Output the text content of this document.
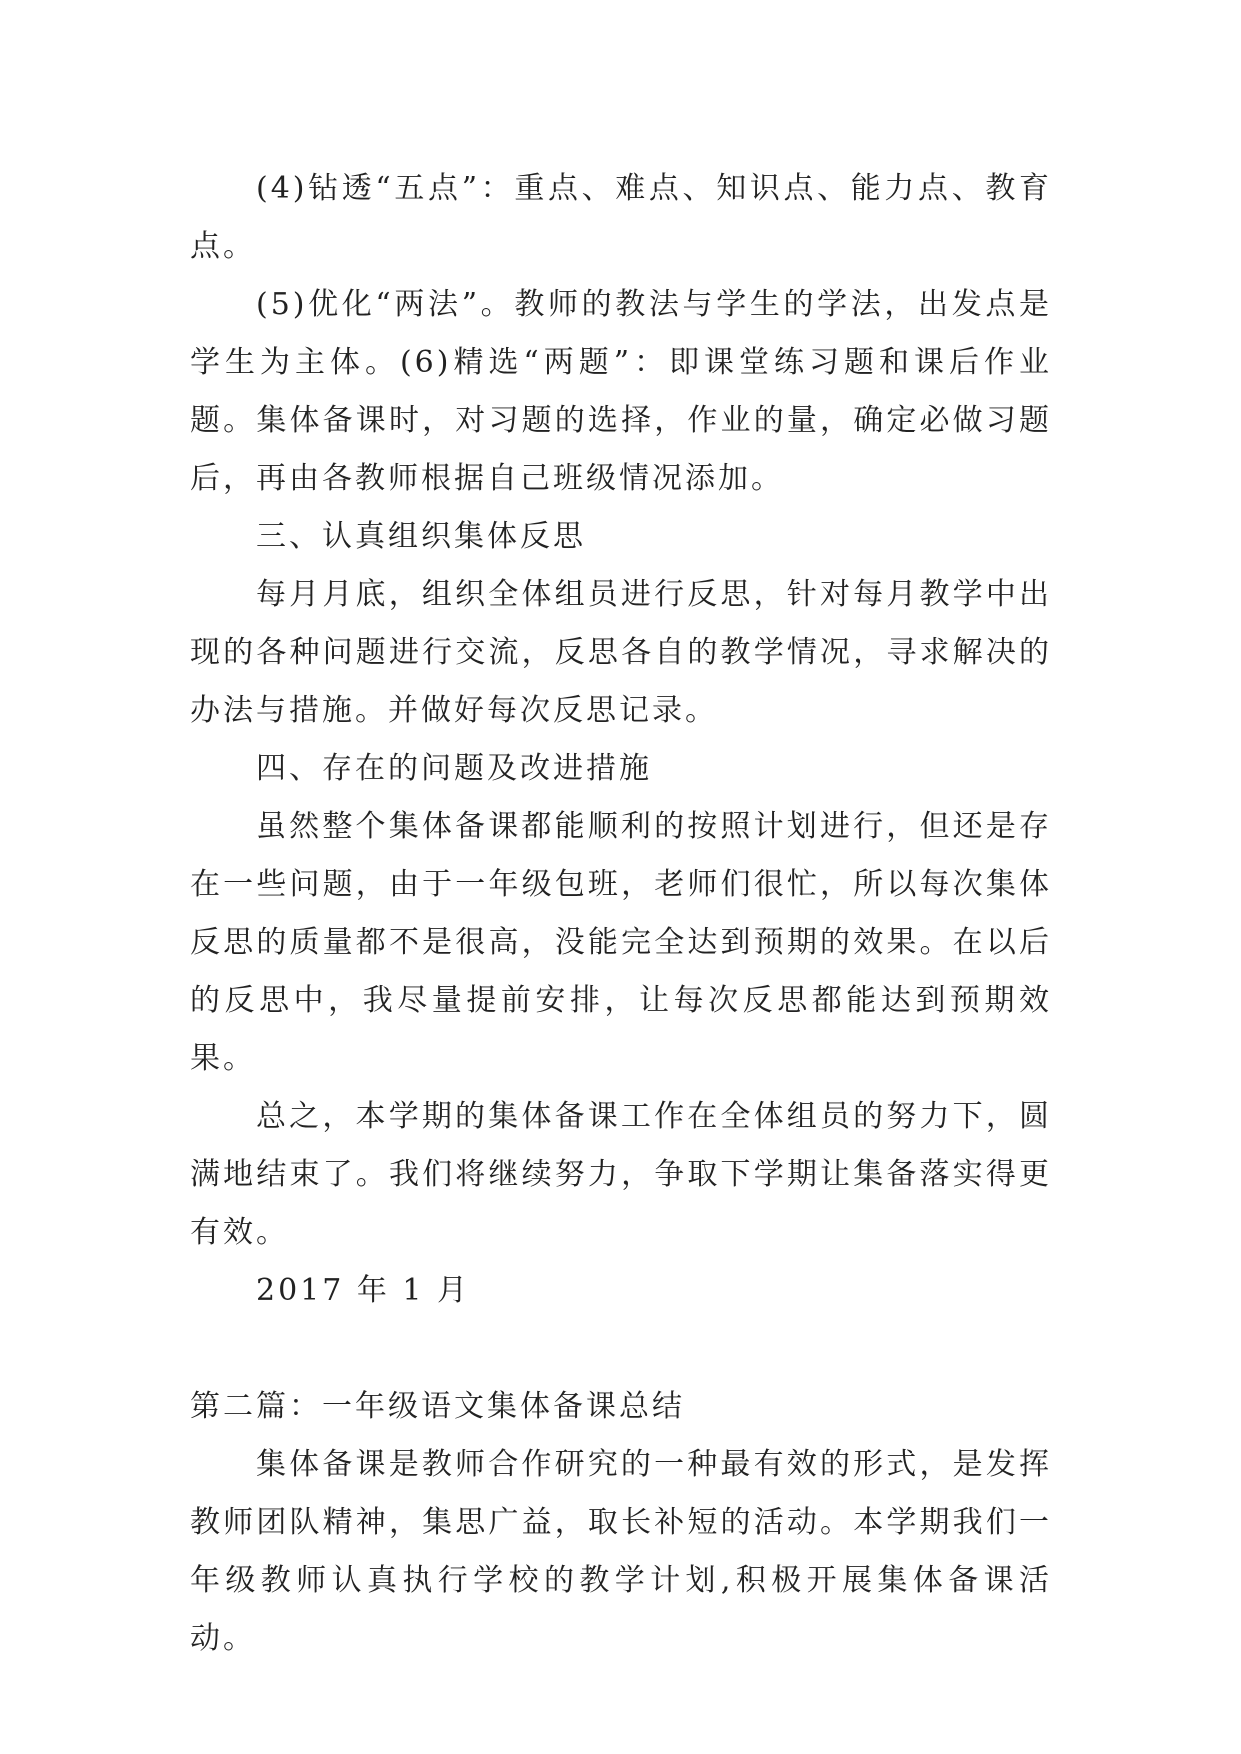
(4)钻透“五点”：重点、难点、知识点、能力点、教育点。

(5)优化“两法”。教师的教法与学生的学法，出发点是学生为主体。(6)精选“两题”：即课堂练习题和课后作业题。集体备课时，对习题的选择，作业的量，确定必做习题后，再由各教师根据自己班级情况添加。

三、认真组织集体反思

每月月底，组织全体组员进行反思，针对每月教学中出现的各种问题进行交流，反思各自的教学情况，寻求解决的办法与措施。并做好每次反思记录。

四、存在的问题及改进措施

虽然整个集体备课都能顺利的按照计划进行，但还是存在一些问题，由于一年级包班，老师们很忙，所以每次集体反思的质量都不是很高，没能完全达到预期的效果。在以后的反思中，我尽量提前安排，让每次反思都能达到预期效果。

总之，本学期的集体备课工作在全体组员的努力下，圆满地结束了。我们将继续努力，争取下学期让集备落实得更有效。

2017 年 1 月

第二篇：一年级语文集体备课总结

集体备课是教师合作研究的一种最有效的形式，是发挥教师团队精神，集思广益，取长补短的活动。本学期我们一年级教师认真执行学校的教学计划,积极开展集体备课活动。
